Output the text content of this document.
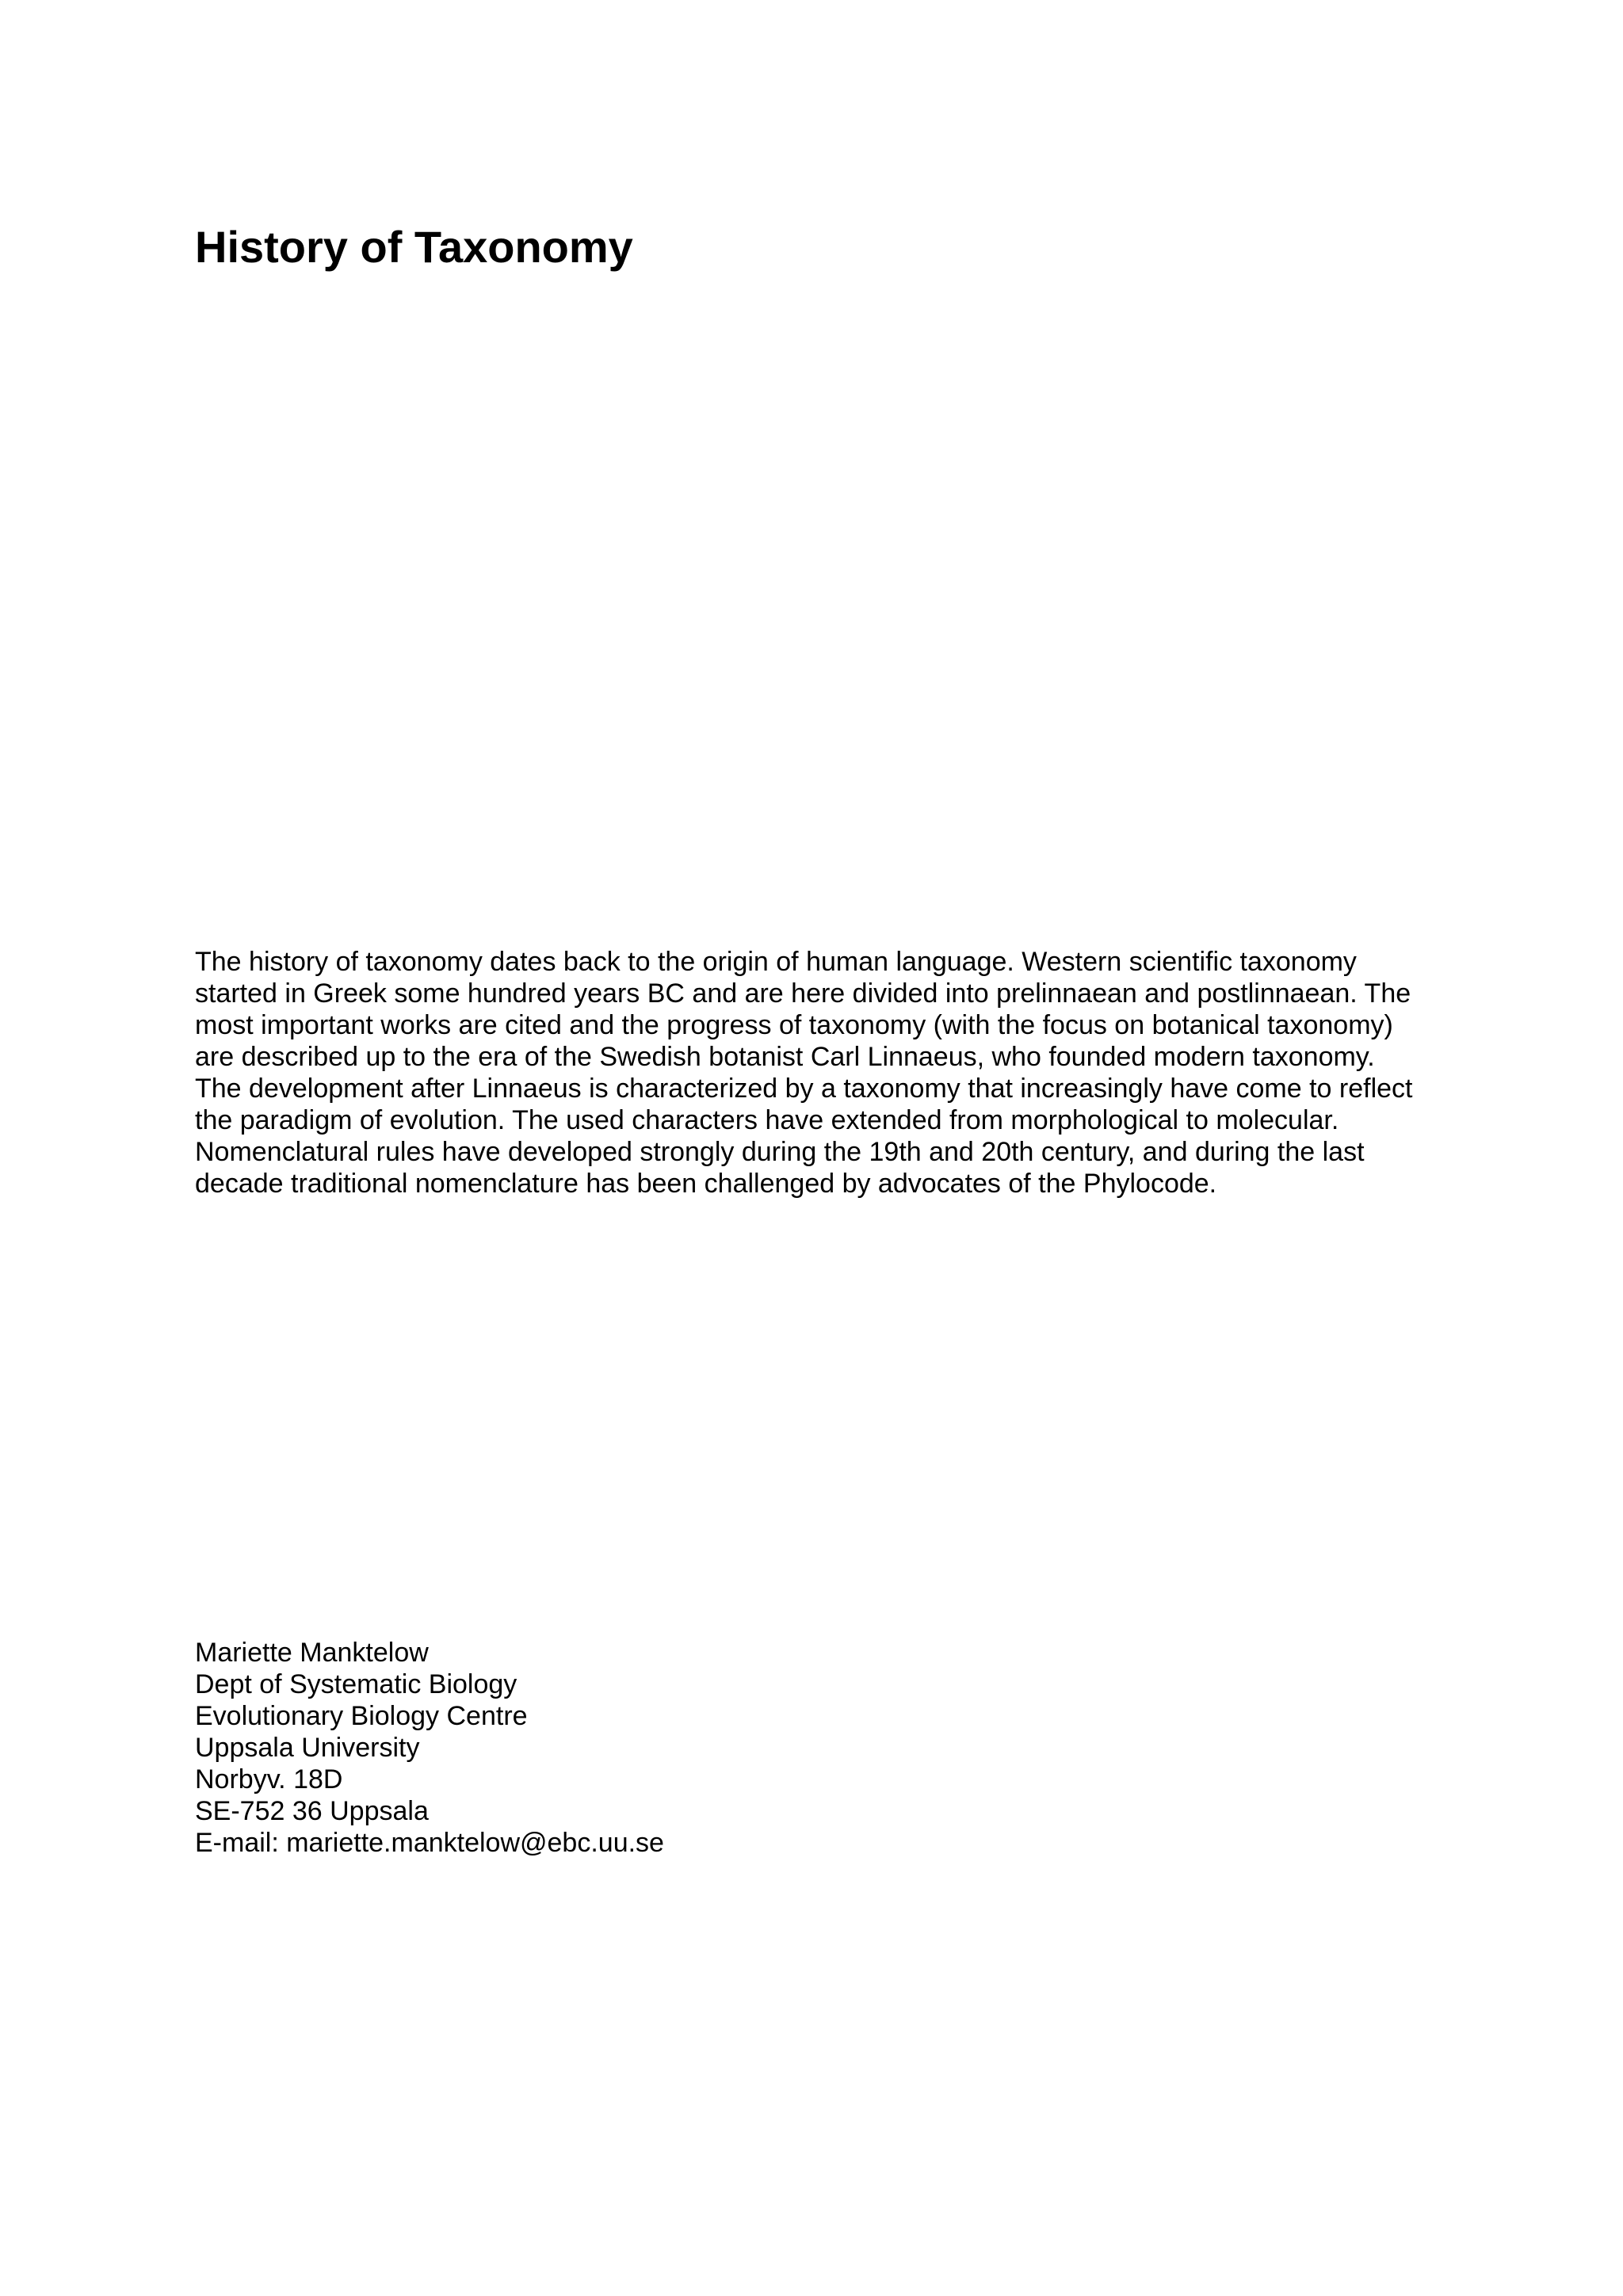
History of Taxonomy
The history of taxonomy dates back to the origin of human language. Western scientific taxonomy
started in Greek some hundred years BC and are here divided into prelinnaean and postlinnaean. The
most important works are cited and the progress of taxonomy (with the focus on botanical taxonomy)
are described up to the era of the Swedish botanist Carl Linnaeus, who founded modern taxonomy.
The development after Linnaeus is characterized by a taxonomy that increasingly have come to reflect
the paradigm of evolution. The used characters have extended from morphological to molecular.
Nomenclatural rules have developed strongly during the 19th and 20th century, and during the last
decade traditional nomenclature has been challenged by advocates of the Phylocode.
Mariette Manktelow
Dept of Systematic Biology
Evolutionary Biology Centre
Uppsala University
Norbyv. 18D
SE-752 36 Uppsala
E-mail: mariette.manktelow@ebc.uu.se
